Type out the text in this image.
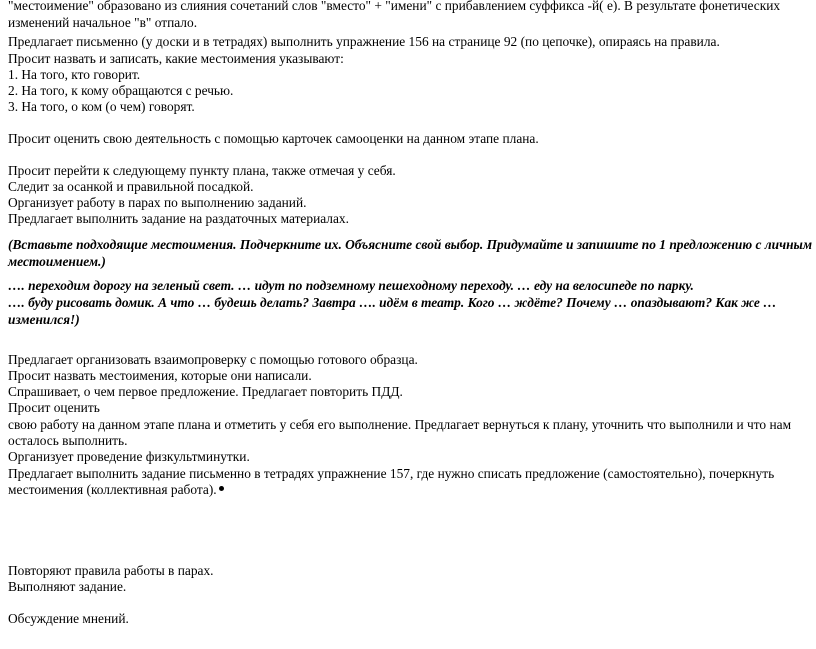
"местоимение" образовано из слияния сочетаний слов "вместо" + "имени" с прибавлением суффикса -й( е). В результате фонетических
изменений начальное "в" отпало.
Предлагает письменно (у доски и в тетрадях) выполнить упражнение 156 на странице 92 (по цепочке), опираясь на правила.
Просит назвать и записать, какие местоимения указывают:
1. На того, кто говорит.
2. На того, к кому обращаются с речью.
3. На того, о ком (о чем) говорят.
Просит оценить свою деятельность с помощью карточек самооценки на данном этапе плана.
Просит перейти к следующему пункту плана, также отмечая у себя.
Следит за осанкой и правильной посадкой.
Организует работу в парах по выполнению заданий.
Предлагает выполнить задание на раздаточных материалах.
(Вставьте подходящие местоимения. Подчеркните их. Объясните свой выбор. Придумайте и запишите по 1 предложению с личным
местоимением.)
…. переходим дорогу на зеленый свет. … идут по подземному пешеходному переходу. … еду на велосипеде по парку.
…. буду рисовать домик. А что … будешь делать? Завтра …. идём в театр. Кого … ждёте? Почему … опаздывают? Как же …
изменился!)
Предлагает организовать взаимопроверку с помощью готового образца.
Просит назвать местоимения, которые они написали.
Спрашивает, о чем первое предложение. Предлагает повторить ПДД.
Просит оценить
свою работу на данном этапе плана и отметить у себя его выполнение. Предлагает вернуться к плану, уточнить что выполнили и что нам
осталось выполнить.
Организует проведение физкультминутки.
Предлагает выполнить задание письменно в тетрадях упражнение 157, где нужно списать предложение (самостоятельно), почеркнуть
местоимения (коллективная работа).
Повторяют правила работы в парах.
Выполняют задание.
Обсуждение мнений.
